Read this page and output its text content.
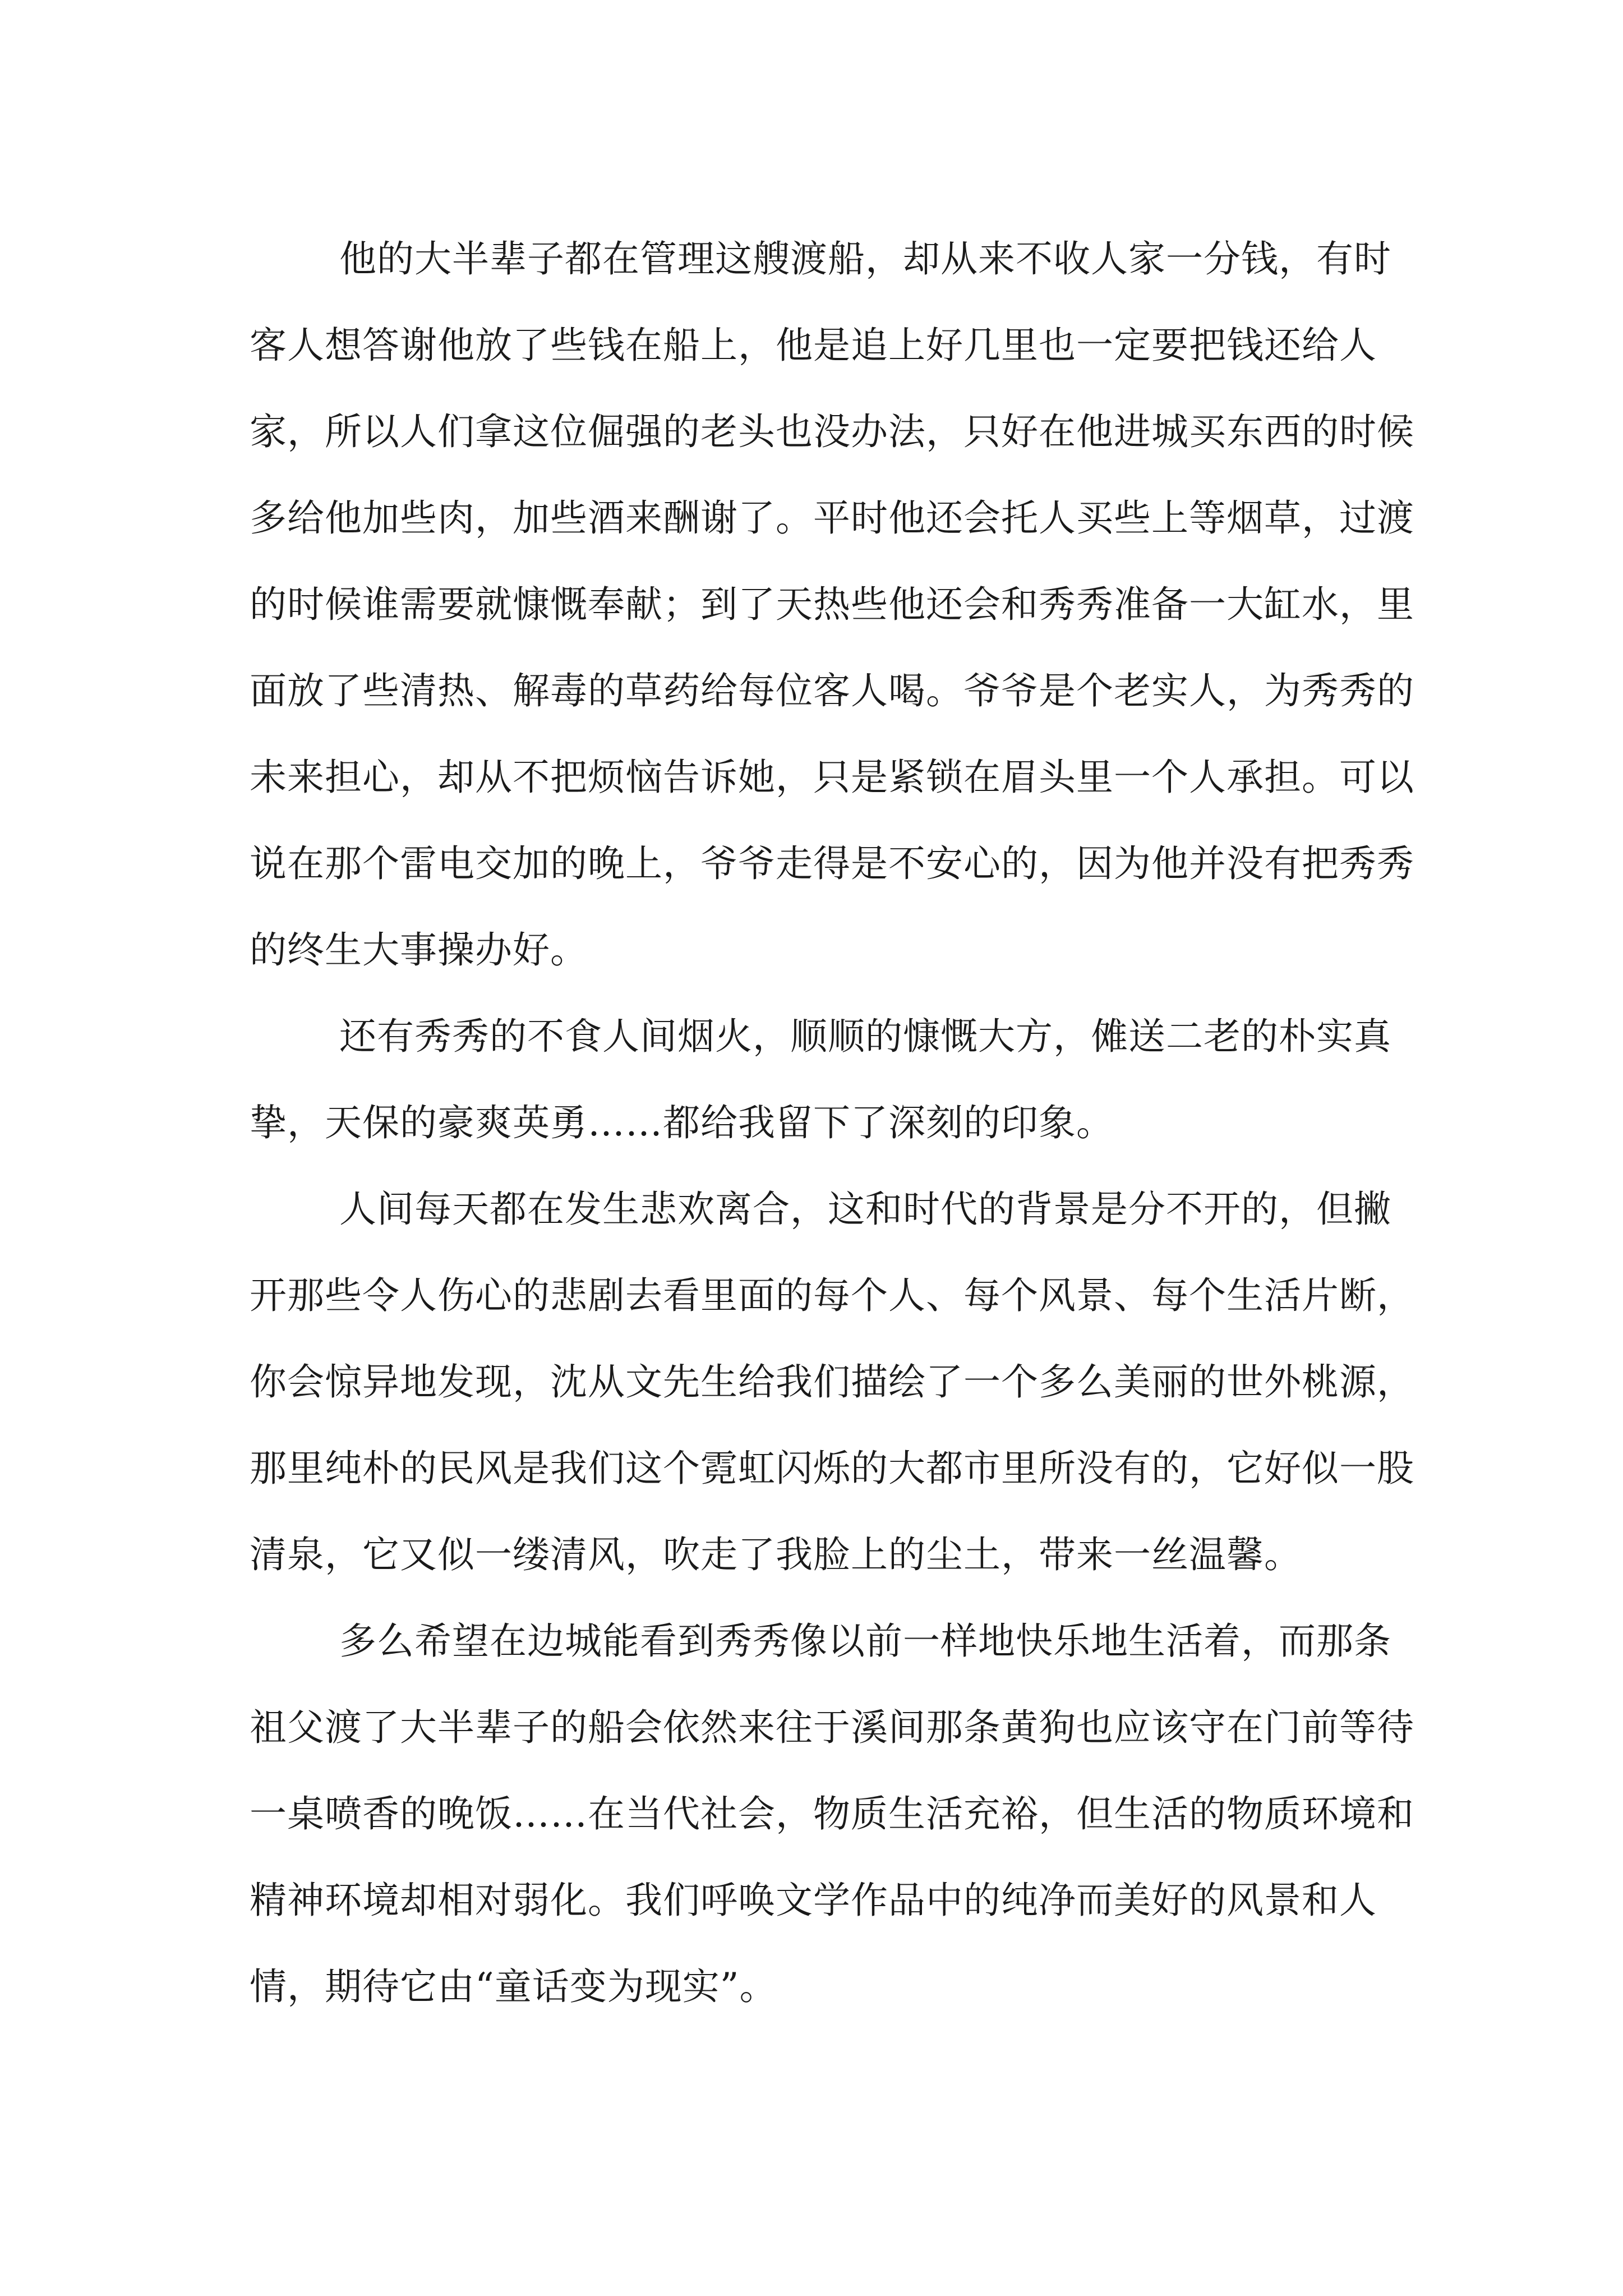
他的大半辈子都在管理这艘渡船，却从来不收人家一分钱，有时客人想答谢他放了些钱在船上，他是追上好几里也一定要把钱还给人家，所以人们拿这位倔强的老头也没办法，只好在他进城买东西的时候多给他加些肉，加些酒来酬谢了。平时他还会托人买些上等烟草，过渡的时候谁需要就慷慨奉献；到了天热些他还会和秀秀准备一大缸水，里面放了些清热、解毒的草药给每位客人喝。爷爷是个老实人，为秀秀的未来担心，却从不把烦恼告诉她，只是紧锁在眉头里一个人承担。可以说在那个雷电交加的晚上，爷爷走得是不安心的，因为他并没有把秀秀的终生大事操办好。

还有秀秀的不食人间烟火，顺顺的慷慨大方，傩送二老的朴实真挚，天保的豪爽英勇……都给我留下了深刻的印象。

人间每天都在发生悲欢离合，这和时代的背景是分不开的，但撇开那些令人伤心的悲剧去看里面的每个人、每个风景、每个生活片断，你会惊异地发现，沈从文先生给我们描绘了一个多么美丽的世外桃源，那里纯朴的民风是我们这个霓虹闪烁的大都市里所没有的，它好似一股清泉，它又似一缕清风，吹走了我脸上的尘土，带来一丝温馨。

多么希望在边城能看到秀秀像以前一样地快乐地生活着，而那条祖父渡了大半辈子的船会依然来往于溪间那条黄狗也应该守在门前等待一桌喷香的晚饭……在当代社会，物质生活充裕，但生活的物质环境和精神环境却相对弱化。我们呼唤文学作品中的纯净而美好的风景和人情，期待它由“童话变为现实”。
